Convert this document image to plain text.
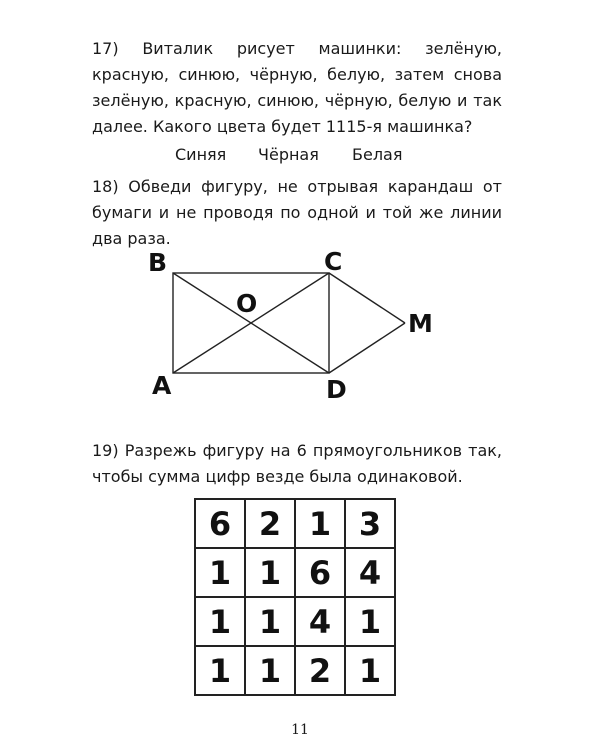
17) Виталик рисует машинки: зелёную, красную, синюю, чёрную, белую, затем снова зелёную, красную, синюю, чёрную, белую и так далее. Какого цвета будет 1115-я машинка?
Синяя Чёрная Белая
18) Обведи фигуру, не отрывая карандаш от бумаги и не проводя по одной и той же линии два раза.
B	C
O
A	D
M
19) Разрежь фигуру на 6 прямоугольников так, чтобы сумма цифр везде была одинаковой.
6	2	1	3
1	1	6	4
1	1	4	1
1	1	2	1
11
